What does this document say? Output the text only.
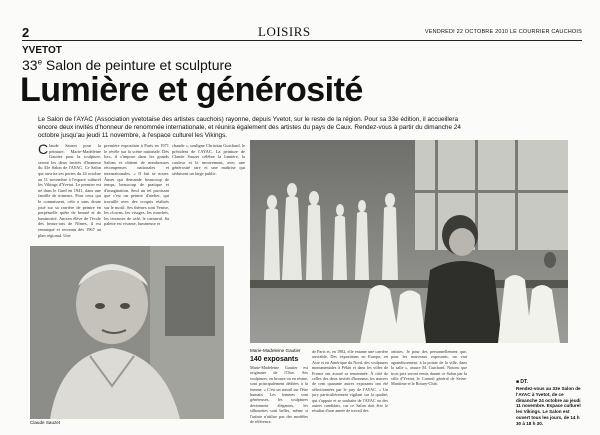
2	LOISIRS	VENDREDI 22 OCTOBRE 2010 LE COURRIER CAUCHOIS
YVETOT
33e Salon de peinture et sculpture
Lumière et générosité
Le Salon de l'AYAC (Association yvetotaise des artistes cauchois) rayonne, depuis Yvetot, sur le reste de la région. Pour sa 33e édition, il accueillera encore deux invités d'honneur de renommée internationale, et réunira également des artistes du pays de Caux. Rendez-vous à partir du dimanche 24 octobre jusqu'au jeudi 11 novembre, à l'espace culturel les Vikings.
Claude Sauzet pour la peinture, Marie-Madeleine Gautier pour la sculpture, seront les deux invités d'honneur du 33e Salon de l'AYAC. Ce Salon qui ouvrira ses portes du 24 octobre au 11 novembre à l'espace culturel les Vikings d'Yvetot. Le premier est né dans le Gard en 1941, dans une famille de mineurs. Pour ceux qui le connaissent, cela a sans doute joué sur sa carrière de peintre en perpétuelle quête de beauté et de luminosité. Ancien élève de l'école des beaux-arts de Nîmes, il est remarqué et reconnu dès 1967 au plan régional. Une
première exposition à Paris en 1971 le révèle sur la scène nationale. Dès lors, il s'impose dans les grands Salons et obtient de nombreuses récompenses nationales et internationales. « Il fait se nouer. Âmes qui demande beaucoup de temps, beaucoup de pratique et d'imagination. Seul un tel pactisant que c'est un peintre d'atelier, qui travaille avec des croquis réalisés sur le motif. Ses thèmes sont Venise, les clowns, les visages, les marchés, les terrasses de café, le carnaval. Sa palette est vivante, lumineuse et
chaude », souligne Christian Guichard, le président de l'AYAC. La peinture de Claude Sauzet célèbre la lumière, la couleur et le mouvement, avec une générosité rare et une maîtrise qui séduisent un large public.
Marie-Madeleine Gautier
Claude Sauzet
140 exposants
Marie-Madeleine Gautier est originaire de l'Oise. Ses sculptures, en bronze ou en résine, sont principalement dédiées à la femme. « C'est un travail sur l'être humain. Les femmes sont généreuses, les sculptures deviennent élégantes, les silhouettes sont belles, même si l'artiste n'utilise pas des modèles de référence.
de Paris et, en 1982, elle entame une carrière ouvrable. Des expositions en Europe, en Asie et en Amérique du Nord, des sculptures monumentales à Pékin et dans les villes de France ont assuré sa renommée. À côté de celles des deux invités d'honneur, les œuvres de cent quarante autres exposants ont été sélectionnées par le jury de l'AYAC. « Un jury particulièrement vigilant sur la qualité, qui s'appuie et se souhaite de l'AYAC ou des autres candidats, car ce Salon doit être le résultat d'une année de travail des
artistes. Je pour des personnellement que, pour les nouveaux exposants, un vrai agrandissement, à la pointe de la ville, dans la salle », assure M. Guichard. Notons que trois prix seront remis durant ce Salon par la ville d'Yvetot, le Conseil général de Seine-Maritime et le Rotary-Club.	■ DT.
Rendez-vous au 33e Salon de l'AYAC à Yvetot, de ce dimanche 24 octobre au jeudi 11 novembre. Espace culturel les Vikings. Le Salon est ouvert tous les jours, de 14 h 30 à 18 h 30.
